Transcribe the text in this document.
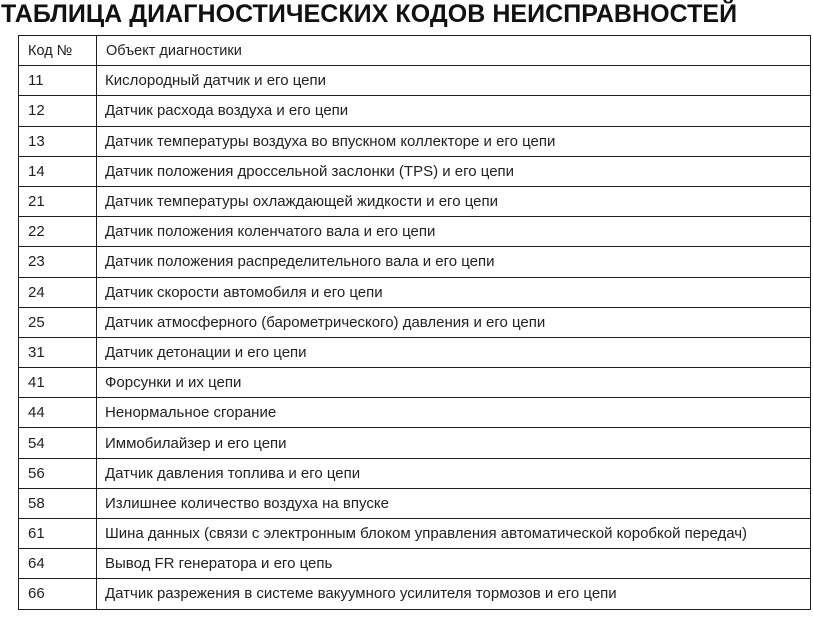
ТАБЛИЦА ДИАГНОСТИЧЕСКИХ КОДОВ НЕИСПРАВНОСТЕЙ
Код №	Объект диагностики
11	Кислородный датчик и его цепи
12	Датчик расхода воздуха и его цепи
13	Датчик температуры воздуха во впускном коллекторе и его цепи
14	Датчик положения дроссельной заслонки (TPS) и его цепи
21	Датчик температуры охлаждающей жидкости и его цепи
22	Датчик положения коленчатого вала и его цепи
23	Датчик положения распределительного вала и его цепи
24	Датчик скорости автомобиля и его цепи
25	Датчик атмосферного (барометрического) давления и его цепи
31	Датчик детонации и его цепи
41	Форсунки и их цепи
44	Ненормальное сгорание
54	Иммобилайзер и его цепи
56	Датчик давления топлива и его цепи
58	Излишнее количество воздуха на впуске
61	Шина данных (связи с электронным блоком управления автоматической коробкой передач)
64	Вывод FR генератора и его цепь
66	Датчик разрежения в системе вакуумного усилителя тормозов и его цепи
